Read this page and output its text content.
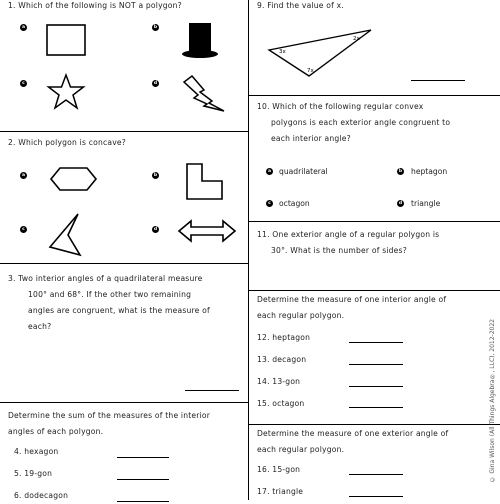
1. Which of the following is NOT a polygon?
a	b
c	d
2. Which polygon is concave?
a	b
c	d
3. Two interior angles of a quadrilateral measure
100° and 68°. If the other two remaining
angles are congruent, what is the measure of
each?
Determine the sum of the measures of the interior
angles of each polygon.
4. hexagon
5. 19-gon
6. dodecagon
9. Find the value of x.
3x
2x
7x
10. Which of the following regular convex
polygons is each exterior angle congruent to
each interior angle?
a quadrilateral	b heptagon
c octagon	d triangle
11. One exterior angle of a regular polygon is
30°. What is the number of sides?
Determine the measure of one interior angle of
each regular polygon.
12. heptagon
13. decagon
14. 13-gon
15. octagon
Determine the measure of one exterior angle of
each regular polygon.
16. 15-gon
17. triangle
© Gina Wilson (All Things Algebra®, LLC), 2012-2022
